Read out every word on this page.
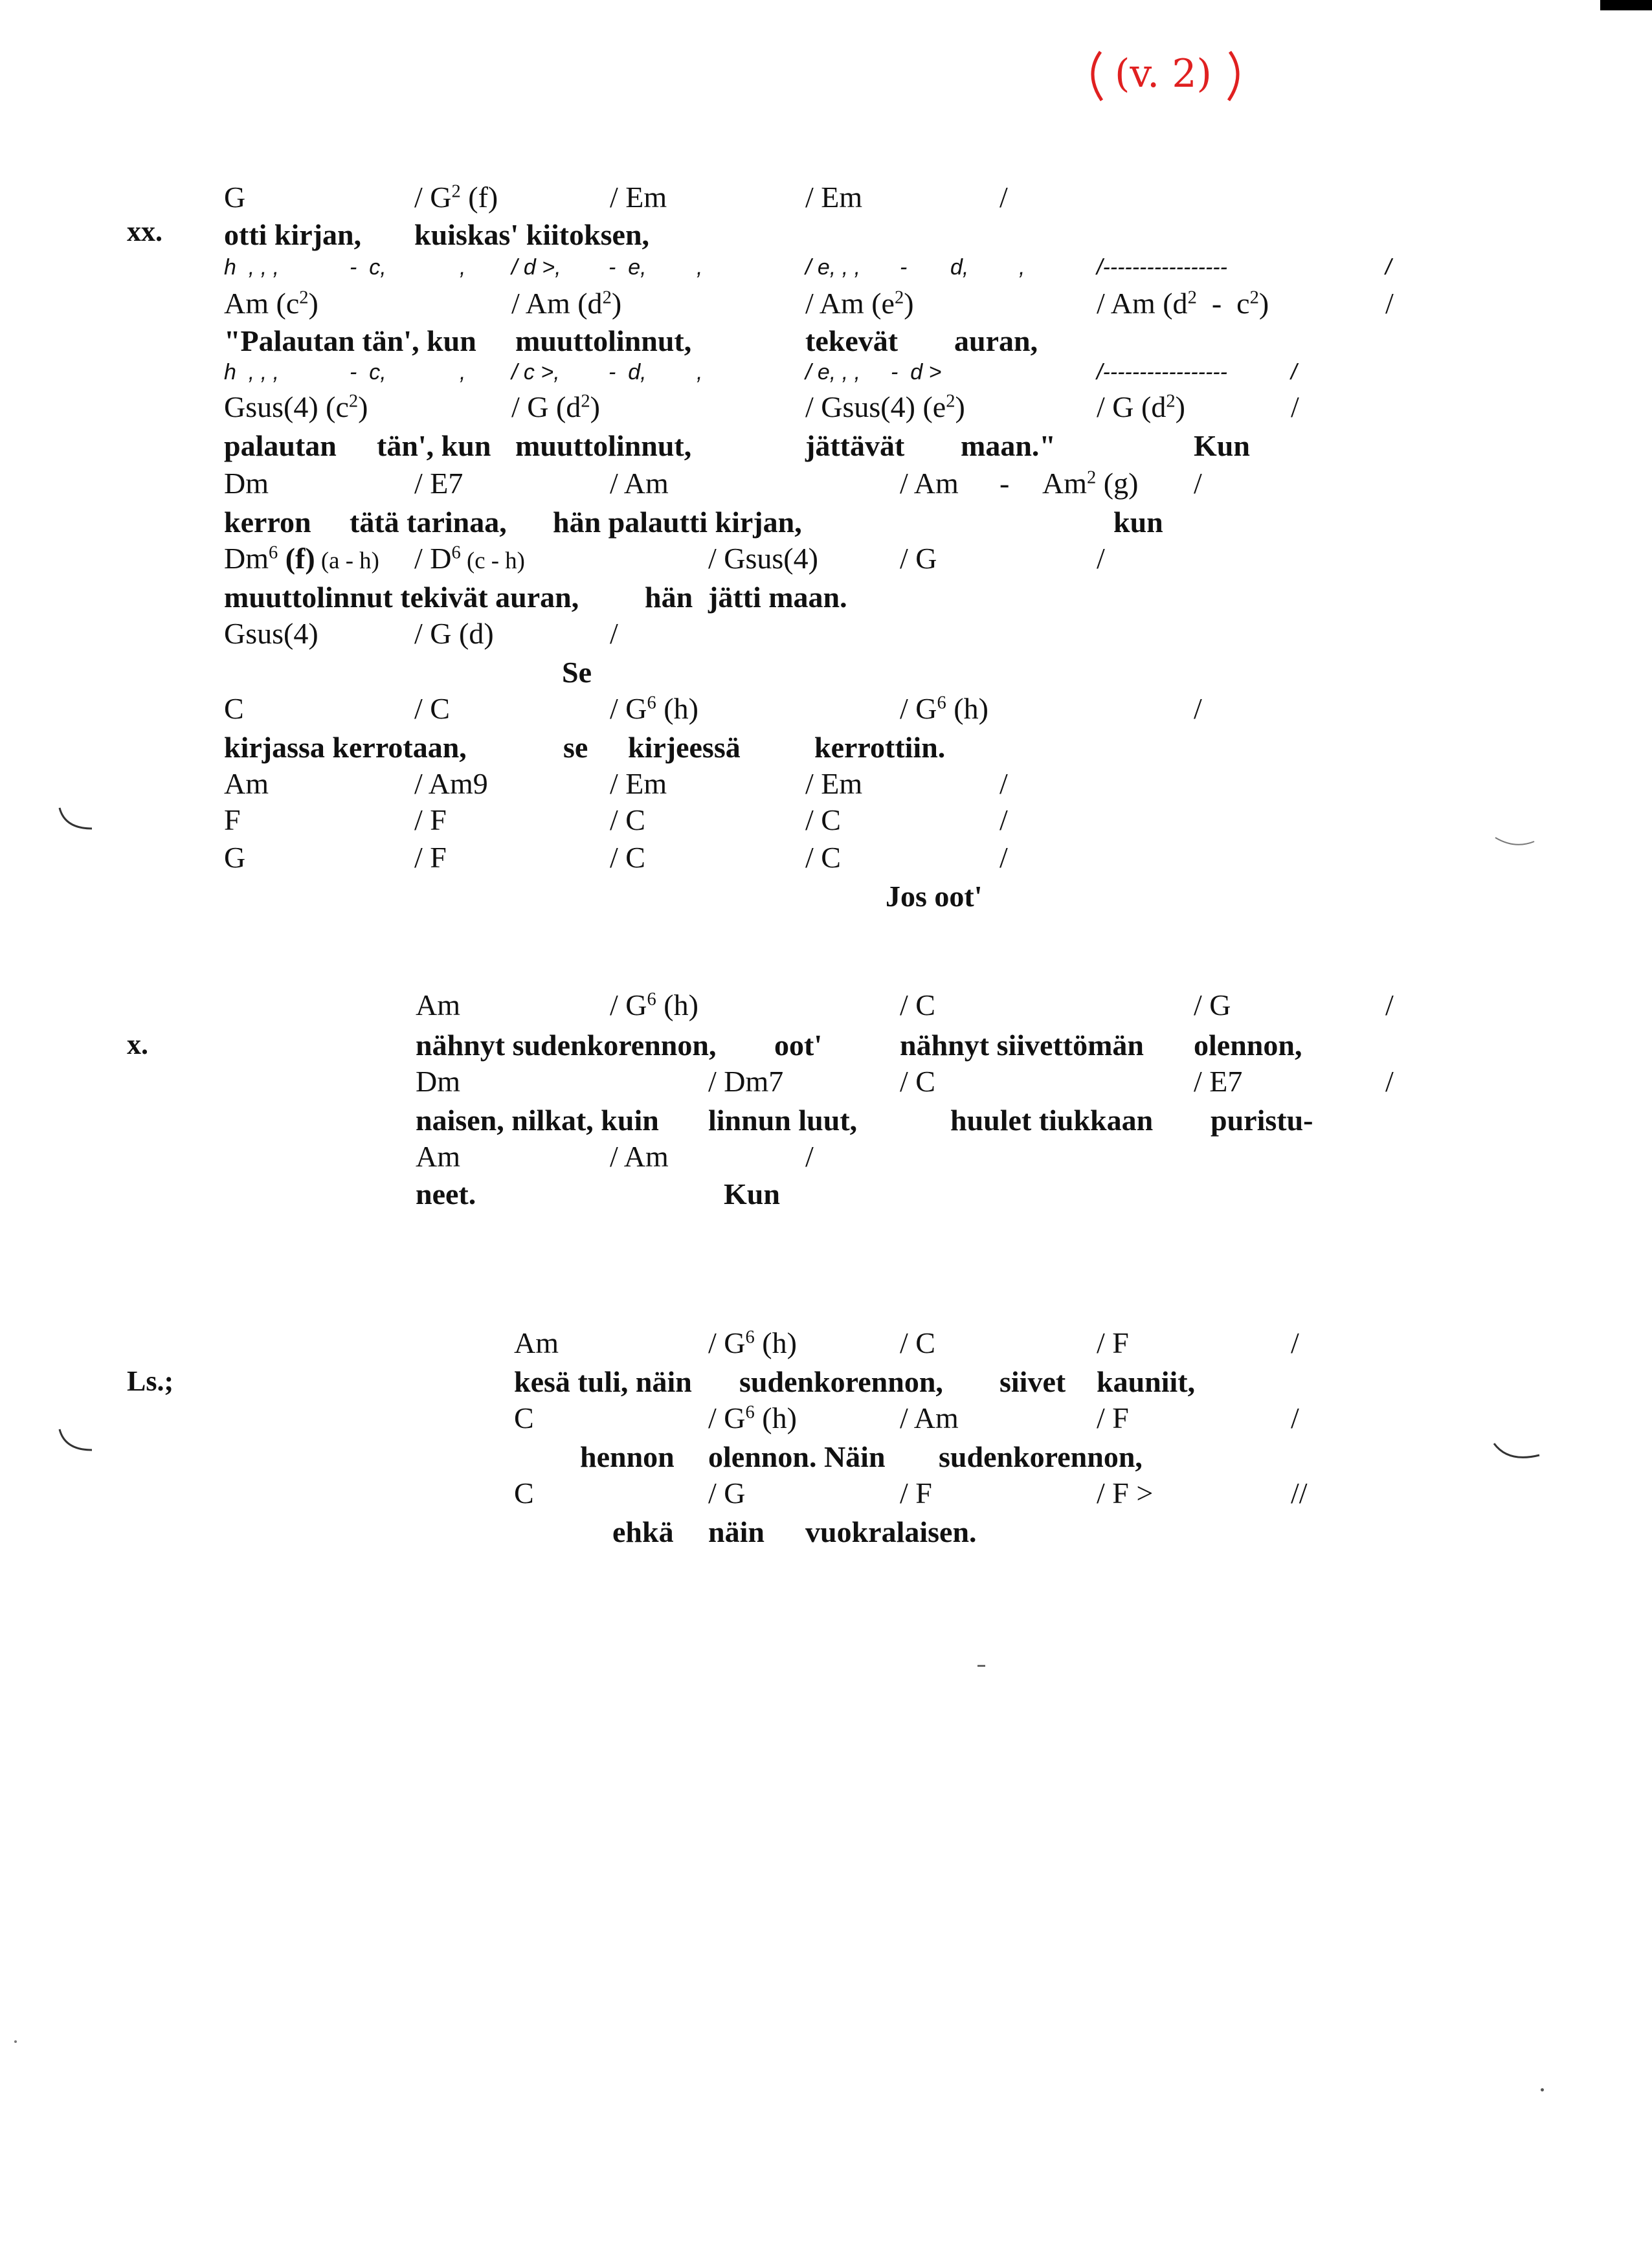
(v. 2)
xx.
G	/ $G^2$ (f)	/ Em	/ Em	/
otti kirjan, kuiskas' kiitoksen,
h  , , ,	-  c,	, / d >, -  e, ,	/ e, , , - d, ,	/-----------------	/
Am $(c^2)$	/ Am $(d^2)$	/ Am $(e^2)$	/ Am $(d^2 - c^2)$	/
"Palautan tän', kun muuttolinnut,	tekevät auran,
h  , , ,	-  c,	, / c >, -  d, ,	/ e, , , -  d >	/-----------------	/
Gsus(4) $(c^2)$	/ G $(d^2)$	/ Gsus(4) $(e^2)$	/ G $(d^2)$	/
palautan tän', kun muuttolinnut,	jättävät maan."	Kun
Dm	/ E7	/ Am	/ Am - Am$^2$ (g) /
kerron tätä tarinaa, hän palautti kirjan,	kun
Dm$^6$ (f) $(a - h) / D^6$ (c - h)	/ Gsus(4)	/ G	/
muuttolinnut tekivät auran, hän jätti maan.
Gsus(4)	/ G (d)	/
Se
C	/ C	/ $G^6$ (h)	/ $G^6$ (h)	/
kirjassa kerrotaan,	se kirjeessä kerrottiin.
Am	/ Am9	/ Em	/ Em	/
F	/ F	/ C	/ C	/
G	/ F	/ C	/ C	/
Jos oot'
x.
Am	/ $G^6$ (h)	/ C	/ G	/
nähnyt sudenkorennon, oot'	nähnyt siivettömän olennon,
Dm	/ Dm7	/ C	/ E7	/
naisen, nilkat, kuin linnun luut,	huulet tiukkaan puristu-
Am	/ Am	/
neet.	Kun
Ls.;
Am	/ $G^6$ (h)	/ C	/ F	/
kesä tuli, näin sudenkorennon, siivet kauniit,
C	/ $G^6$ (h)	/ Am	/ F	/
hennon olennon. Näin sudenkorennon,
C	/ G	/ F	/ F >	//
ehkä näin vuokralaisen.
